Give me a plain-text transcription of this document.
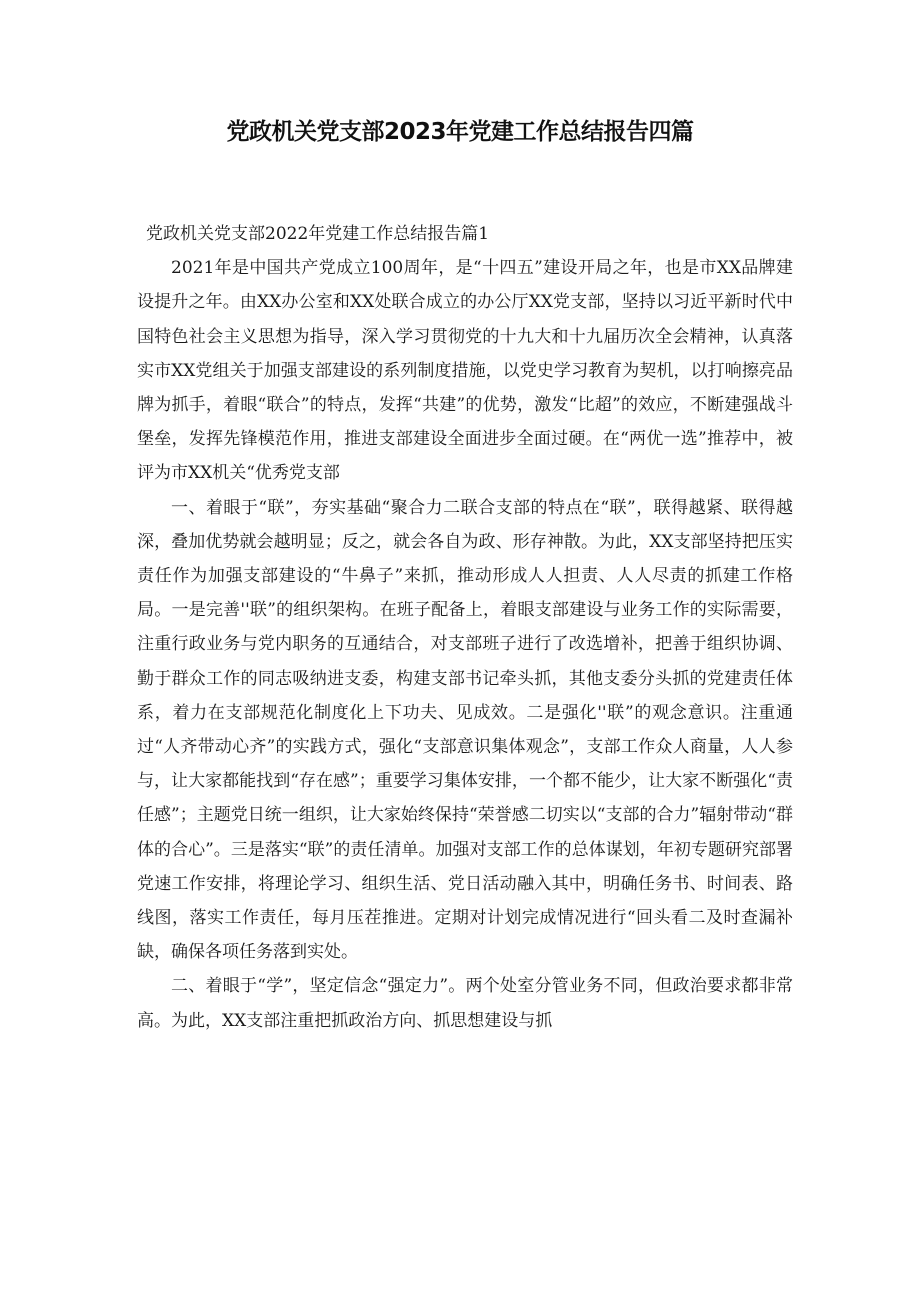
党政机关党支部2023年党建工作总结报告四篇
党政机关党支部2022年党建工作总结报告篇1

2021年是中国共产党成立100周年，是“十四五”建设开局之年，也是市XX品牌建设提升之年。由XX办公室和XX处联合成立的办公厅XX党支部，坚持以习近平新时代中国特色社会主义思想为指导，深入学习贯彻党的十九大和十九届历次全会精神，认真落实市XX党组关于加强支部建设的系列制度措施，以党史学习教育为契机，以打响擦亮品牌为抓手，着眼“联合”的特点，发挥“共建”的优势，激发“比超”的效应，不断建强战斗堡垒，发挥先锋模范作用，推进支部建设全面进步全面过硬。在“两优一选”推荐中，被评为市XX机关“优秀党支部

一、着眼于“联”，夯实基础“聚合力二联合支部的特点在“联”，联得越紧、联得越深，叠加优势就会越明显；反之，就会各自为政、形存神散。为此，XX支部坚持把压实责任作为加强支部建设的“牛鼻子”来抓，推动形成人人担责、人人尽责的抓建工作格局。一是完善''联”的组织架构。在班子配备上，着眼支部建设与业务工作的实际需要，注重行政业务与党内职务的互通结合，对支部班子进行了改选增补，把善于组织协调、勤于群众工作的同志吸纳进支委，构建支部书记牵头抓，其他支委分头抓的党建责任体系，着力在支部规范化制度化上下功夫、见成效。二是强化''联”的观念意识。注重通过“人齐带动心齐”的实践方式，强化“支部意识集体观念”，支部工作众人商量，人人参与，让大家都能找到“存在感”；重要学习集体安排，一个都不能少，让大家不断强化“责任感”；主题党日统一组织，让大家始终保持“荣誉感二切实以“支部的合力”辐射带动“群体的合心”。三是落实“联”的责任清单。加强对支部工作的总体谋划，年初专题研究部署党速工作安排，将理论学习、组织生活、党日活动融入其中，明确任务书、时间表、路线图，落实工作责任，每月压茬推进。定期对计划完成情况进行“回头看二及时查漏补缺，确保各项任务落到实处。

二、着眼于“学”，坚定信念“强定力”。两个处室分管业务不同，但政治要求都非常高。为此，XX支部注重把抓政治方向、抓思想建设与抓
